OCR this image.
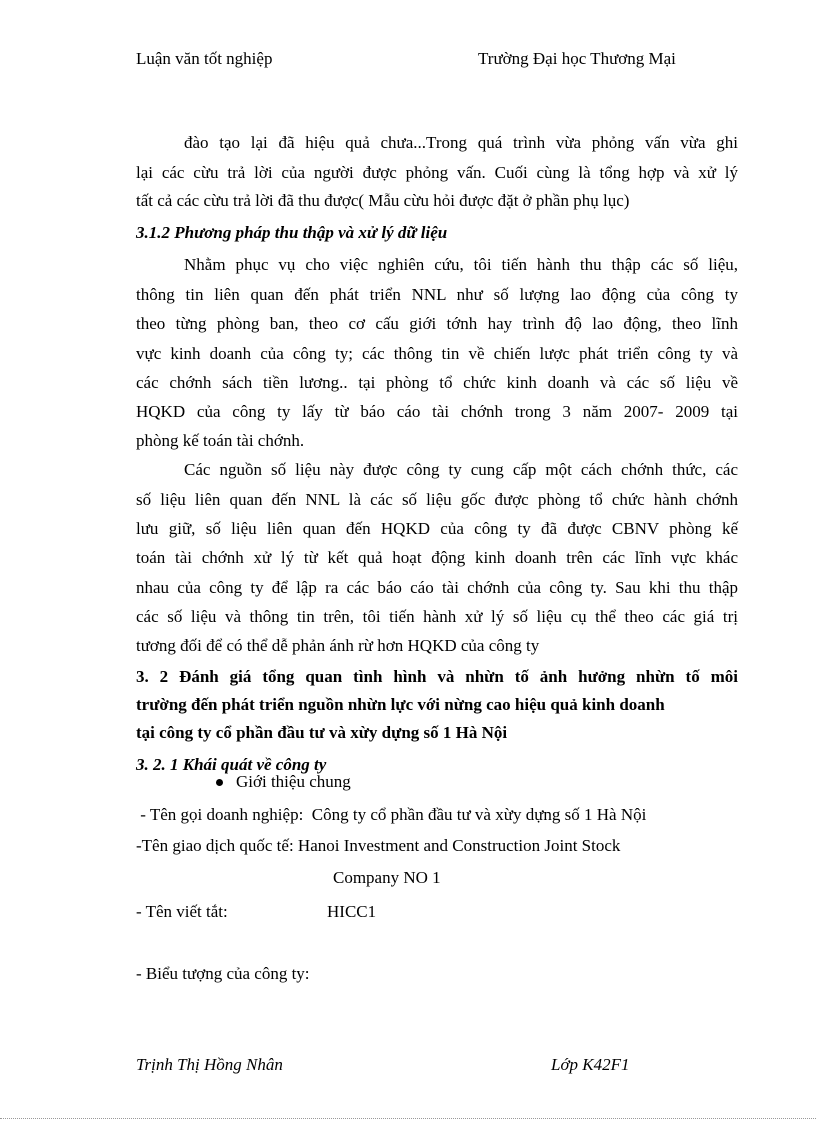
Luận văn tốt nghiệp	Trường Đại học Thương Mại
đào tạo lại đã hiệu quả chưa...Trong quá trình vừa phỏng vấn vừa ghi
lại các cừu trả lời của người được phỏng vấn. Cuối cùng là tổng hợp và xử lý
tất cả các cừu trả lời đã thu được( Mẫu cừu hỏi được đặt ở phần phụ lục)
3.1.2 Phương pháp thu thập và xử lý dữ liệu
Nhằm phục vụ cho việc nghiên cứu, tôi tiến hành thu thập các số liệu,
thông tin liên quan đến phát triển NNL như số lượng lao động của công ty
theo từng phòng ban, theo cơ cấu giới tớnh hay trình độ lao động, theo lĩnh
vực kinh doanh của công ty; các thông tin về chiến lược phát triển công ty và
các chớnh sách tiền lương.. tại phòng tổ chức kinh doanh và các số liệu về
HQKD của công ty lấy từ báo cáo tài chớnh trong 3 năm 2007- 2009 tại
phòng kế toán tài chớnh.
Các nguồn số liệu này được công ty cung cấp một cách chớnh thức, các
số liệu liên quan đến NNL là các số liệu gốc được phòng tổ chức hành chớnh
lưu giữ, số liệu liên quan đến HQKD của công ty đã được CBNV phòng kế
toán tài chớnh xử lý từ kết quả hoạt động kinh doanh trên các lĩnh vực khác
nhau của công ty để lập ra các báo cáo tài chớnh của công ty. Sau khi thu thập
các số liệu và thông tin trên, tôi tiến hành xử lý số liệu cụ thể theo các giá trị
tương đối để có thể dễ phản ánh rừ hơn HQKD của công ty
3. 2 Đánh giá tổng quan tình hình và nhừn tố ảnh hưởng nhừn tố môi
trường đến phát triển nguồn nhừn lực với nừng cao hiệu quả kinh doanh
tại công ty cổ phần đầu tư và xừy dựng số 1 Hà Nội
3. 2. 1 Khái quát về công ty
Giới thiệu chung
- Tên gọi doanh nghiệp:  Công ty cổ phần đầu tư và xừy dựng số 1 Hà Nội
-Tên giao dịch quốc tế: Hanoi Investment and Construction Joint Stock
Company NO 1
- Tên viết tắt:	HICC1
- Biểu tượng của công ty:
Trịnh Thị Hồng Nhân	Lớp K42F1
